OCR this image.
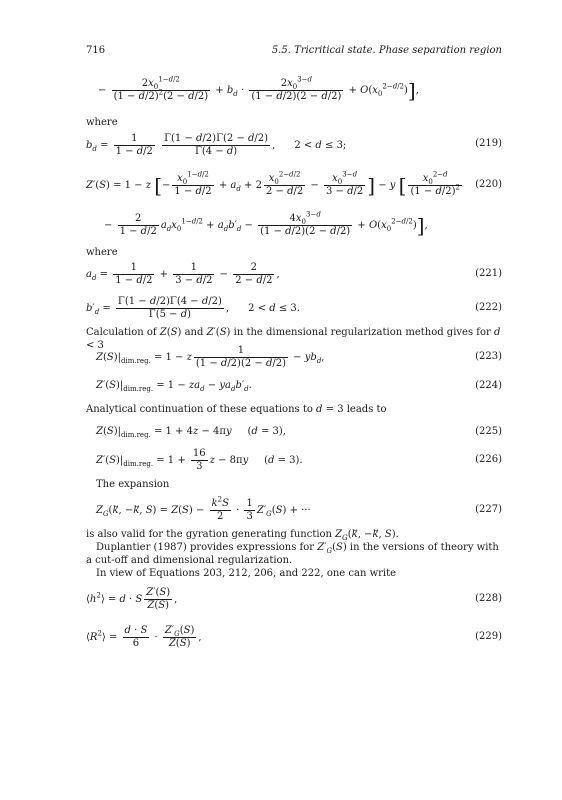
716	5.5. Tricritical state. Phase separation region
− $\frac{2x_0^{1-d/2}}{(1 - d/2)^2(2 - d/2)} + b_d \cdot \frac{2x_0^{3-d}}{(1 - d/2)(2 - d/2)} + O(x_0^{2-d/2})$],
where
$b_d = \frac{1}{1 - d/2}$
$\frac{\Gamma(1 - d/2)\Gamma(2 - d/2)}{\Gamma(4 - d)}$ ,      2 < d ≤ 3;	(219)
Z′(S) = 1 − z [− $\frac{x_0^{1-d/2}}{1 - d/2} + a_d + 2 \frac{x_0^{2-d/2}}{2 - d/2} - \frac{x_0^{3-d}}{3 - d/2}$ ] − y [ $\frac{x_0^{2-d}}{(1 - d/2)^2} (220)$
− $\frac{2}{1 - d/2} a_dx_0^{1-d/2} + a_db'_d - \frac{4x_0^{3-d}}{(1 - d/2)(2 - d/2)} + O(x_0^{2-d/2})$],
where
$a_d = \frac{1}{1 - d/2} + \frac{1}{3 - d/2} - \frac{2}{2 - d/2}$ ,	(221)
$b'_d = \frac{\Gamma(1 - d/2)\Gamma(4 - d/2)}{\Gamma(5 - d)}$ ,      2 < d ≤ 3.	(222)
Calculation of Z(S) and Z′(S) in the dimensional regularization method gives for d < 3
$Z(S)|_{dim.reg.} = 1 - z \frac{1}{(1 - d/2)(2 - d/2)} - yb_d$,	(223)
$Z'(S)|_{dim.reg.} = 1 - za_d - ya_db'_d$.	(224)
Analytical continuation of these equations to d = 3 leads to
$Z(S)|_{dim.reg.} = 1 + 4z - 4\pi y$     (d = 3),	(225)
$Z'(S)|_{dim.reg.} = 1 + \frac{16}{3}$ z − 8πy     (d = 3).	(226)
The expansion
$Z_G(k⃗$, −k⃗, $S) = Z(S) - \frac{k^2S}{2} \cdot \frac{1}{3} Z'_G(S)$ + ···	(227)
is also valid for the gyration generating function $Z_G(k⃗$, −k⃗, S).
Duplantier (1987) provides expressions for $Z'_G(S)$ in the versions of theory with a cut-off and dimensional regularization.
In view of Equations 203, 212, 206, and 222, one can write
$⟨h^2⟩ = d \cdot S \frac{Z'(S)}{Z(S)}$ ,	(228)
$⟨R^2⟩ = \frac{d \cdot S}{6} \cdot \frac{Z'_G(S)}{Z(S)}$ ,	(229)
